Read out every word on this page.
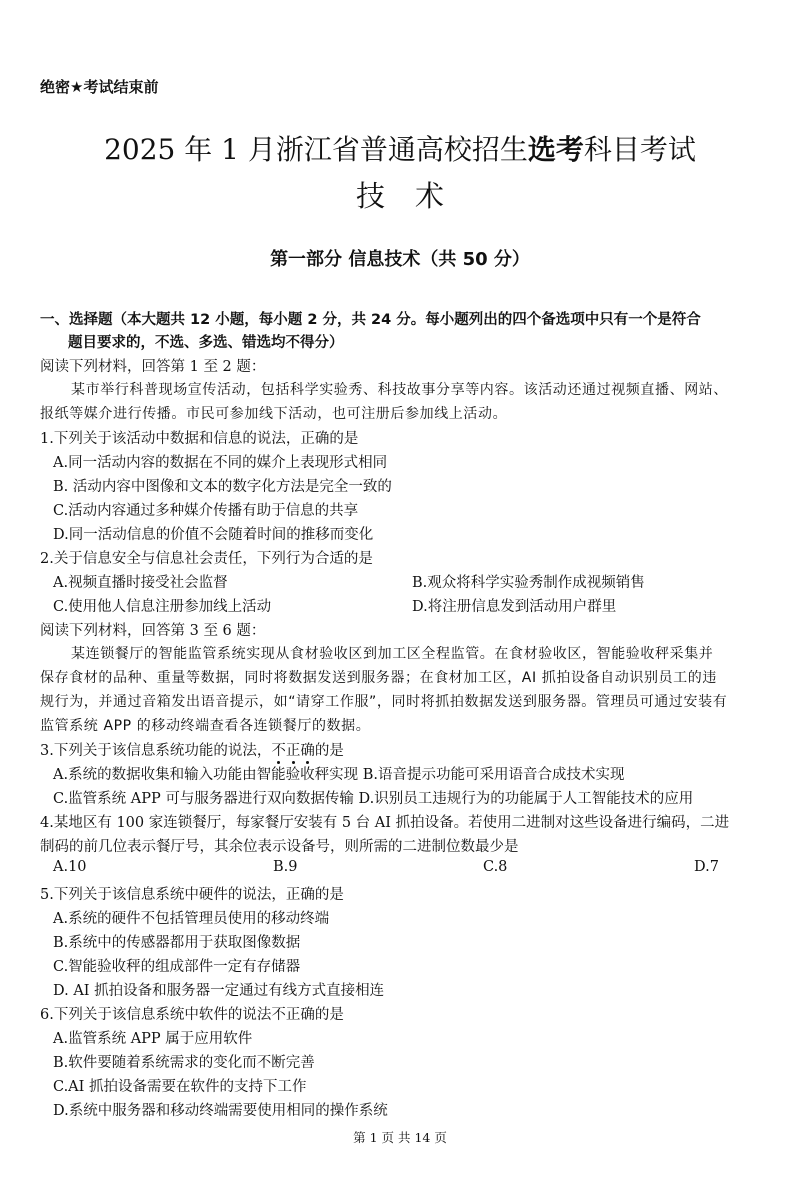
绝密★考试结束前
2025 年 1 月浙江省普通高校招生选考科目考试
技术
第一部分 信息技术（共 50 分）
一、选择题（本大题共 12 小题，每小题 2 分，共 24 分。每小题列出的四个备选项中只有一个是符合
题目要求的，不选、多选、错选均不得分）
阅读下列材料，回答第 1 至 2 题：
某市举行科普现场宣传活动，包括科学实验秀、科技故事分享等内容。该活动还通过视频直播、网站、
报纸等媒介进行传播。市民可参加线下活动，也可注册后参加线上活动。
1.下列关于该活动中数据和信息的说法，正确的是
A.同一活动内容的数据在不同的媒介上表现形式相同
B. 活动内容中图像和文本的数字化方法是完全一致的
C.活动内容通过多种媒介传播有助于信息的共享
D.同一活动信息的价值不会随着时间的推移而变化
2.关于信息安全与信息社会责任，下列行为合适的是
A.视频直播时接受社会监督	B.观众将科学实验秀制作成视频销售
C.使用他人信息注册参加线上活动	D.将注册信息发到活动用户群里
阅读下列材料，回答第 3 至 6 题：
某连锁餐厅的智能监管系统实现从食材验收区到加工区全程监管。在食材验收区，智能验收秤采集并
保存食材的品种、重量等数据，同时将数据发送到服务器；在食材加工区，AI 抓拍设备自动识别员工的违
规行为，并通过音箱发出语音提示，如“请穿工作服”，同时将抓拍数据发送到服务器。管理员可通过安装有
监管系统 APP 的移动终端查看各连锁餐厅的数据。
3.下列关于该信息系统功能的说法，不正确的是
A.系统的数据收集和输入功能由智能验收秤实现 B.语音提示功能可采用语音合成技术实现
C.监管系统 APP 可与服务器进行双向数据传输 D.识别员工违规行为的功能属于人工智能技术的应用
4.某地区有 100 家连锁餐厅，每家餐厅安装有 5 台 AI 抓拍设备。若使用二进制对这些设备进行编码，二进
制码的前几位表示餐厅号，其余位表示设备号，则所需的二进制位数最少是
A.10	B.9	C.8	D.7
5.下列关于该信息系统中硬件的说法，正确的是
A.系统的硬件不包括管理员使用的移动终端
B.系统中的传感器都用于获取图像数据
C.智能验收秤的组成部件一定有存储器
D. AI 抓拍设备和服务器一定通过有线方式直接相连
6.下列关于该信息系统中软件的说法不正确的是
A.监管系统 APP 属于应用软件
B.软件要随着系统需求的变化而不断完善
C.AI 抓拍设备需要在软件的支持下工作
D.系统中服务器和移动终端需要使用相同的操作系统
第 1 页 共 14 页
